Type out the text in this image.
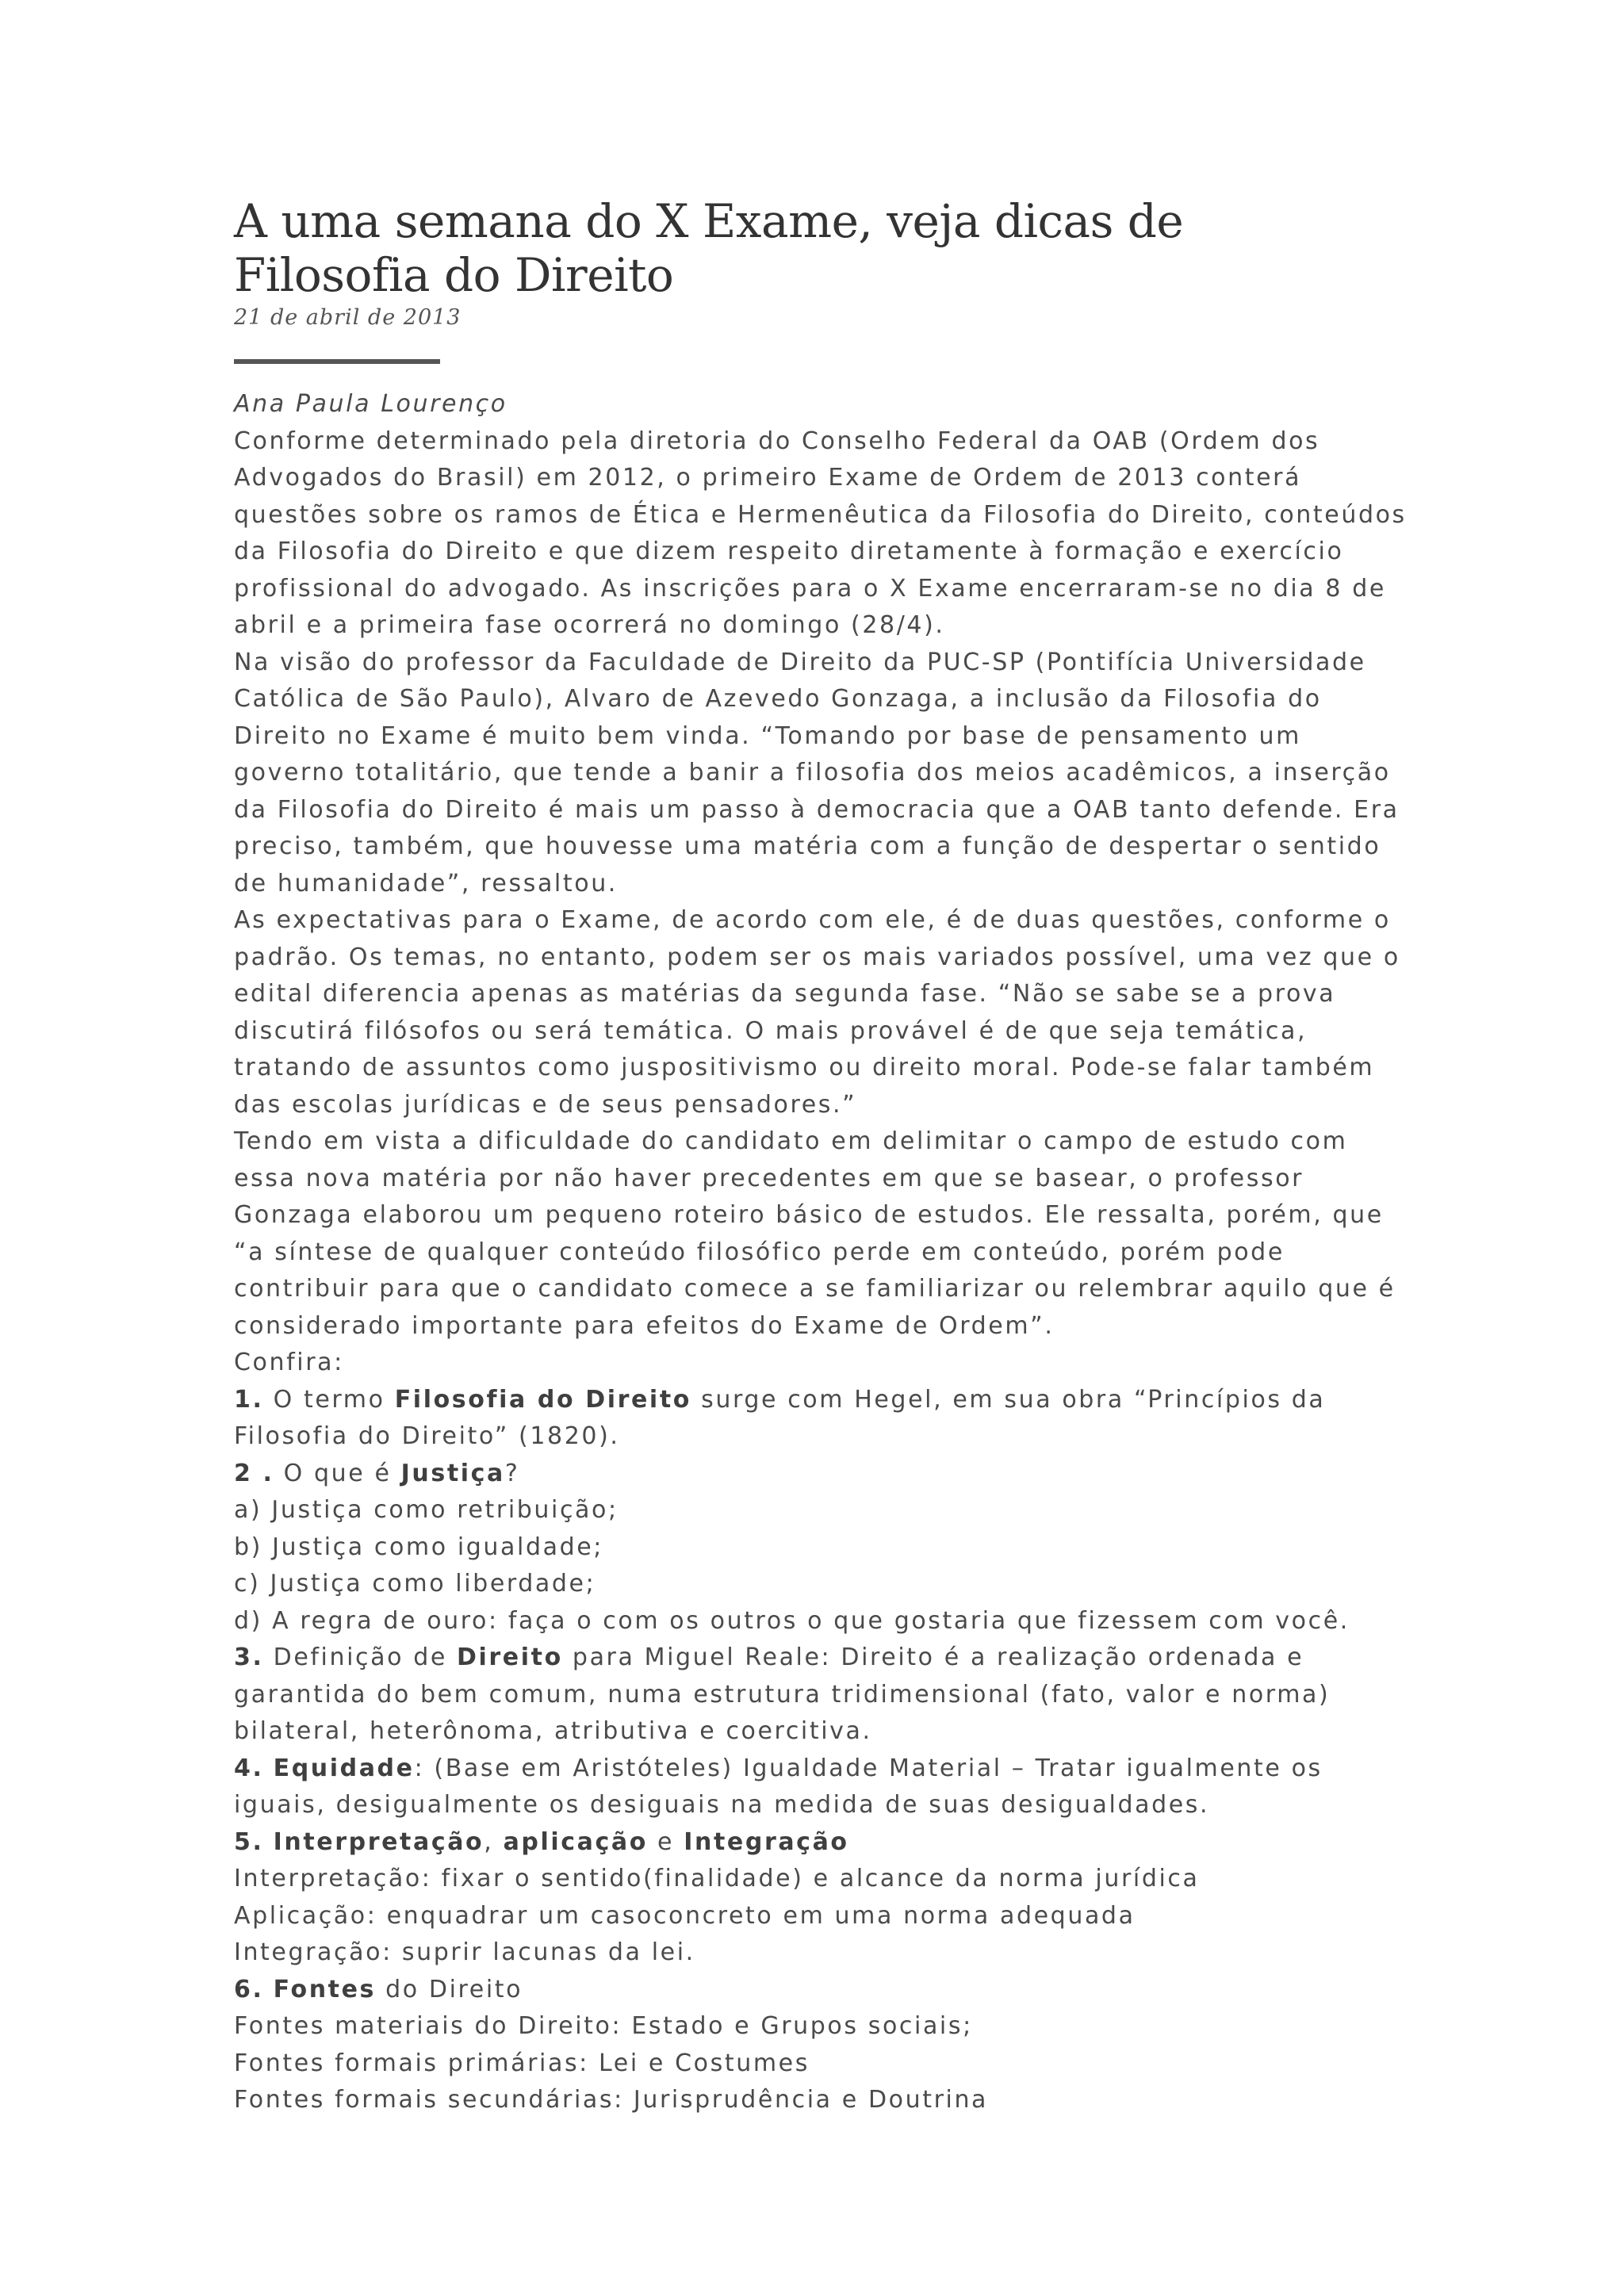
A uma semana do X Exame, veja dicas de
Filosofia do Direito
21 de abril de 2013

Ana Paula Lourenço

Conforme determinado pela diretoria do Conselho Federal da OAB (Ordem dos Advogados do Brasil) em 2012, o primeiro Exame de Ordem de 2013 conterá questões sobre os ramos de Ética e Hermenêutica da Filosofia do Direito, conteúdos da Filosofia do Direito e que dizem respeito diretamente à formação e exercício profissional do advogado. As inscrições para o X Exame encerraram-se no dia 8 de abril e a primeira fase ocorrerá no domingo (28/4).

Na visão do professor da Faculdade de Direito da PUC-SP (Pontifícia Universidade Católica de São Paulo), Alvaro de Azevedo Gonzaga, a inclusão da Filosofia do Direito no Exame é muito bem vinda. “Tomando por base de pensamento um governo totalitário, que tende a banir a filosofia dos meios acadêmicos, a inserção da Filosofia do Direito é mais um passo à democracia que a OAB tanto defende. Era preciso, também, que houvesse uma matéria com a função de despertar o sentido de humanidade”, ressaltou.

As expectativas para o Exame, de acordo com ele, é de duas questões, conforme o padrão. Os temas, no entanto, podem ser os mais variados possível, uma vez que o edital diferencia apenas as matérias da segunda fase. “Não se sabe se a prova discutirá filósofos ou será temática. O mais provável é de que seja temática, tratando de assuntos como juspositivismo ou direito moral. Pode-se falar também das escolas jurídicas e de seus pensadores.”

Tendo em vista a dificuldade do candidato em delimitar o campo de estudo com essa nova matéria por não haver precedentes em que se basear, o professor Gonzaga elaborou um pequeno roteiro básico de estudos. Ele ressalta, porém, que “a síntese de qualquer conteúdo filosófico perde em conteúdo, porém pode contribuir para que o candidato comece a se familiarizar ou relembrar aquilo que é considerado importante para efeitos do Exame de Ordem”.

Confira:

1. O termo Filosofia do Direito surge com Hegel, em sua obra “Princípios da Filosofia do Direito” (1820).

2 . O que é Justiça?

a) Justiça como retribuição;

b) Justiça como igualdade;

c) Justiça como liberdade;

d) A regra de ouro: faça o com os outros o que gostaria que fizessem com você.

3. Definição de Direito para Miguel Reale: Direito é a realização ordenada e garantida do bem comum, numa estrutura tridimensional (fato, valor e norma) bilateral, heterônoma, atributiva e coercitiva.

4. Equidade: (Base em Aristóteles) Igualdade Material – Tratar igualmente os iguais, desigualmente os desiguais na medida de suas desigualdades.

5. Interpretação, aplicação e Integração

Interpretação: fixar o sentido(finalidade) e alcance da norma jurídica

Aplicação: enquadrar um casoconcreto em uma norma adequada

Integração: suprir lacunas da lei.

6. Fontes do Direito

Fontes materiais do Direito: Estado e Grupos sociais;

Fontes formais primárias: Lei e Costumes

Fontes formais secundárias: Jurisprudência e Doutrina
